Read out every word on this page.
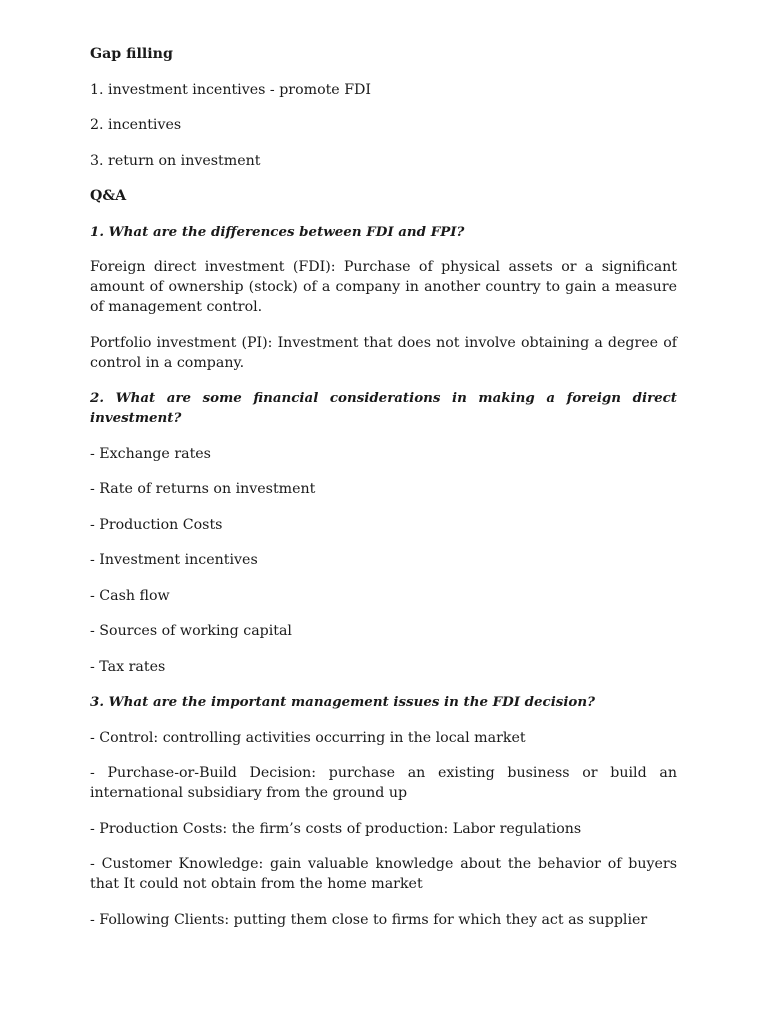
Gap filling

1. investment incentives - promote FDI

2. incentives

3. return on investment

Q&A

1. What are the differences between FDI and FPI?

Foreign direct investment (FDI): Purchase of physical assets or a significant amount of ownership (stock) of a company in another country to gain a measure of management control.

Portfolio investment (PI): Investment that does not involve obtaining a degree of control in a company.

2. What are some financial considerations in making a foreign direct investment?

- Exchange rates

- Rate of returns on investment

- Production Costs

- Investment incentives

- Cash flow

- Sources of working capital

- Tax rates

3. What are the important management issues in the FDI decision?

- Control: controlling activities occurring in the local market

- Purchase-or-Build Decision: purchase an existing business or build an international subsidiary from the ground up

- Production Costs: the firm’s costs of production: Labor regulations

- Customer Knowledge: gain valuable knowledge about the behavior of buyers that It could not obtain from the home market

- Following Clients: putting them close to firms for which they act as supplier
